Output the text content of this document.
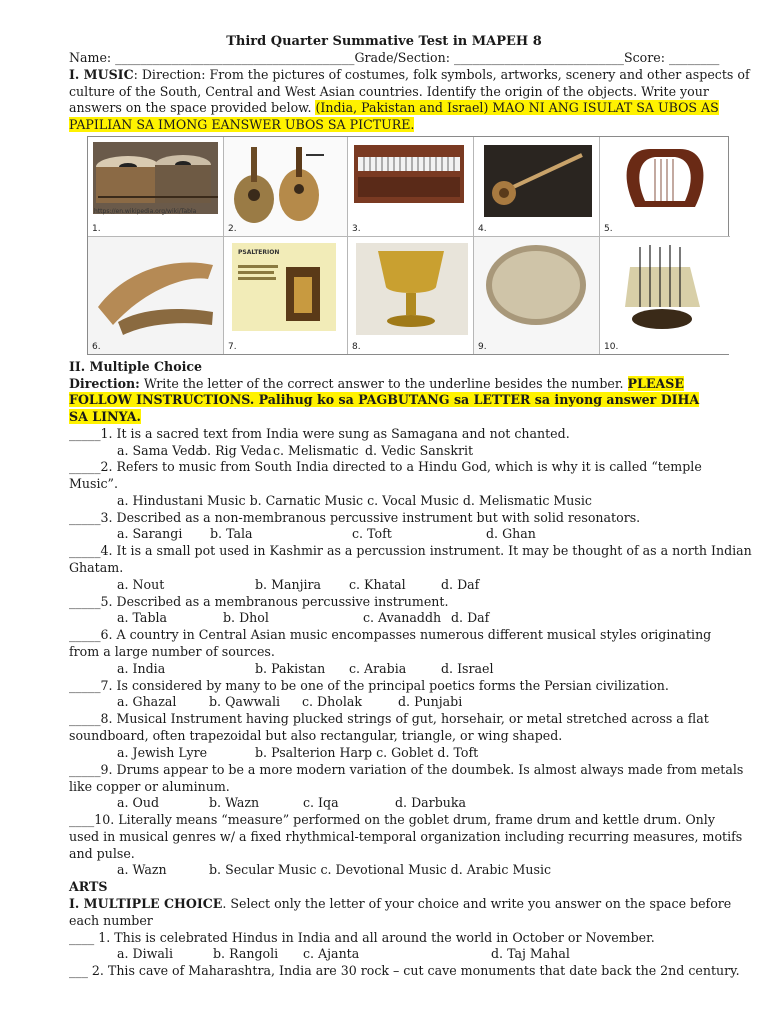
Third Quarter Summative Test in MAPEH 8
Name: ______________________________________Grade/Section: ___________________________Score: ________
I. MUSIC: Direction: From the pictures of costumes, folk symbols, artworks, scenery and other aspects of
culture of the South, Central and West Asian countries. Identify the origin of the objects. Write your
answers on the space provided below. (India, Pakistan and Israel) MAO NI ANG ISULAT SA UBOS AS
PAPILIAN SA IMONG EANSWER UBOS SA PICTURE.
https://en.wikipedia.org/wiki/Tabla
1.	2.	3.	4.	5.
6.
PSALTERION
7.	8.	9.	10.
II. Multiple Choice
Direction: Write the letter of the correct answer to the underline besides the number. PLEASE
FOLLOW INSTRUCTIONS. Palihug ko sa PAGBUTANG sa LETTER sa inyong answer DIHA
SA LINYA.
_____1. It is a sacred text from India were sung as Samagana and not chanted.
a. Sama Vedab. Rig Vedac. Melismatic d. Vedic Sanskrit
_____2. Refers to music from South India directed to a Hindu God, which is why it is called “temple
Music”.
a. Hindustani Music b. Carnatic Music c. Vocal Music d. Melismatic Music
_____3. Described as a non-membranous percussive instrument but with solid resonators.
a. Sarangi b. Tala	c. Toft	d. Ghan
_____4. It is a small pot used in Kashmir as a percussion instrument. It may be thought of as a north Indian
Ghatam.
a. Nout	b. Manjira c. Khatal	d. Daf
_____5. Described as a membranous percussive instrument.
a. Tabla	b. Dhol	c. Avanaddh d. Daf
_____6. A country in Central Asian music encompasses numerous different musical styles originating
from a large number of sources.
a. India	b. Pakistan c. Arabia	d. Israel
_____7. Is considered by many to be one of the principal poetics forms the Persian civilization.
a. Ghazal	b. Qawwali c. Dholak	d. Punjabi
_____8. Musical Instrument having plucked strings of gut, horsehair, or metal stretched across a flat
soundboard, often trapezoidal but also rectangular, triangle, or wing shaped.
a. Jewish Lyre	b. Psalterion Harp c. Goblet d. Toft
_____9. Drums appear to be a more modern variation of the doumbek. Is almost always made from metals
like copper or aluminum.
a. Oud	b. Wazn	c. Iqa	d. Darbuka
____10. Literally means “measure” performed on the goblet drum, frame drum and kettle drum. Only
used in musical genres w/ a fixed rhythmical-temporal organization including recurring measures, motifs
and pulse.
a. Wazn	b. Secular Music c. Devotional Music d. Arabic Music
ARTS
I. MULTIPLE CHOICE. Select only the letter of your choice and write you answer on the space before
each number
____ 1. This is celebrated Hindus in India and all around the world in October or November.
a. Diwali	b. Rangoli c. Ajanta	d. Taj Mahal
___ 2. This cave of Maharashtra, India are 30 rock – cut cave monuments that date back the 2nd century.
